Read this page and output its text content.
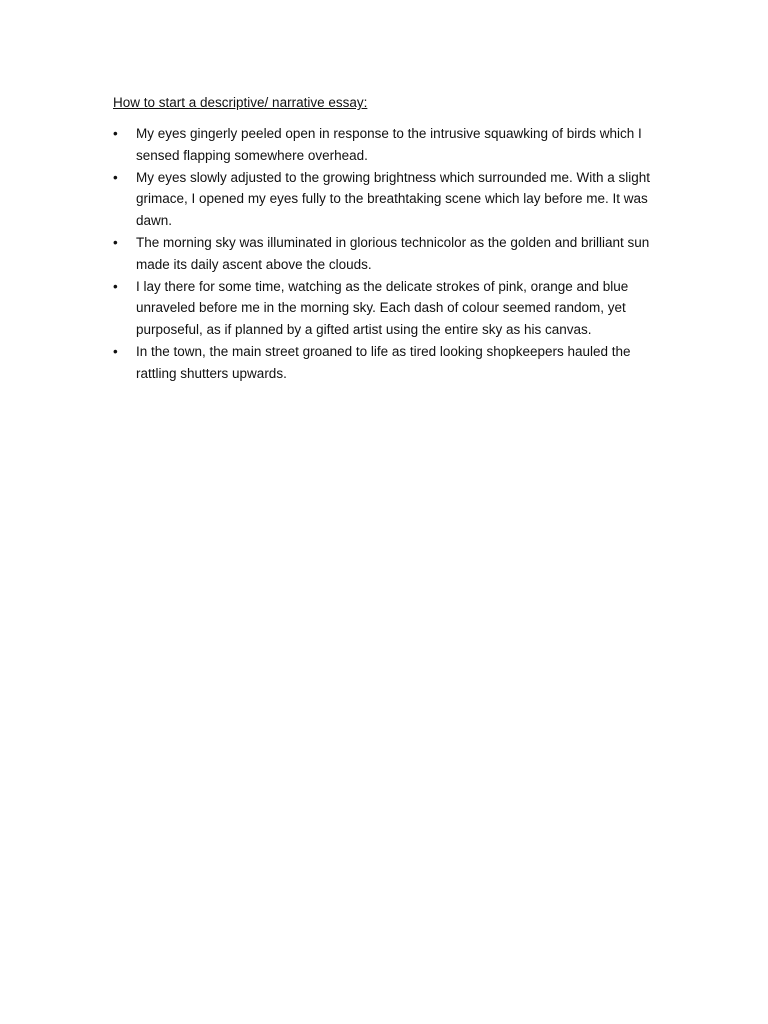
How to start a descriptive/ narrative essay:
•	My eyes gingerly peeled open in response to the intrusive squawking of birds which I sensed flapping somewhere overhead.
•	My eyes slowly adjusted to the growing brightness which surrounded me. With a slight grimace, I opened my eyes fully to the breathtaking scene which lay before me. It was dawn.
•	The morning sky was illuminated in glorious technicolor as the golden and brilliant sun made its daily ascent above the clouds.
•	I lay there for some time, watching as the delicate strokes of pink, orange and blue unraveled before me in the morning sky. Each dash of colour seemed random, yet purposeful, as if planned by a gifted artist using the entire sky as his canvas.
•	In the town, the main street groaned to life as tired looking shopkeepers hauled the rattling shutters upwards.
